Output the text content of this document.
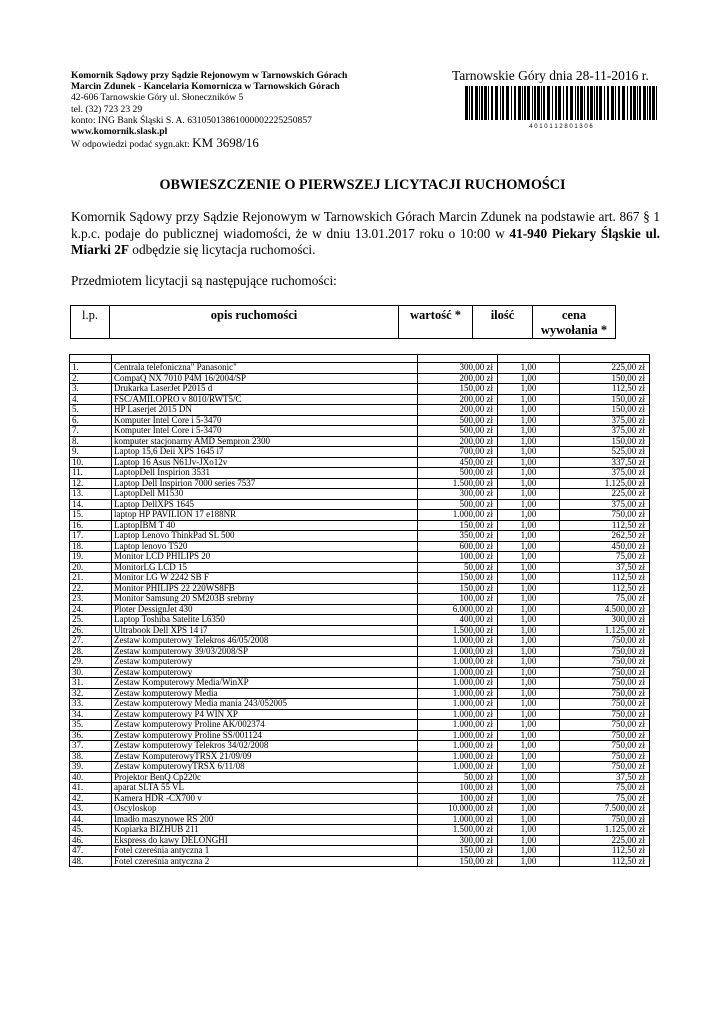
Komornik Sądowy przy Sądzie Rejonowym w Tarnowskich Górach
Marcin Zdunek - Kancelaria Komornicza w Tarnowskich Górach
42-606 Tarnowskie Góry ul. Słoneczników 5
tel. (32) 723 23 29
konto: ING Bank Śląski S. A. 63105013861000002225250857
www.komornik.slask.pl
W odpowiedzi podać sygn.akt: KM 3698/16
Tarnowskie Góry dnia 28-11-2016 r.
4 0 1 0 1 1 2 8 0 1 3 0 6
OBWIESZCZENIE O PIERWSZEJ LICYTACJI RUCHOMOŚCI
Komornik Sądowy przy Sądzie Rejonowym w Tarnowskich Górach Marcin Zdunek na podstawie art. 867 § 1 k.p.c. podaje do publicznej wiadomości, że w dniu 13.01.2017 roku o 10:00 w 41-940 Piekary Śląskie ul. Miarki 2F odbędzie się licytacja ruchomości.
Przedmiotem licytacji są następujące ruchomości:
l.p.	opis ruchomości	wartość *	ilość	cena
wywołania *

1.	Centrala telefoniczna" Panasonic"	300,00 zł	1,00	225,00 zł
2.	CompaQ NX 7010 P4M 16/2004/SP	200,00 zł	1,00	150,00 zł
3.	Drukarka LaserJet P2015 d	150,00 zł	1,00	112,50 zł
4.	FSC/AMILOPRO v 8010/RWT5/C	200,00 zł	1,00	150,00 zł
5.	HP Laserjet 2015 DN	200,00 zł	1,00	150,00 zł
6.	Komputer Intel Core i 5-3470	500,00 zł	1,00	375,00 zł
7.	Komputer Intel Core i 5-3470	500,00 zł	1,00	375,00 zł
8.	komputer stacjonarny AMD Sempron 2300	200,00 zł	1,00	150,00 zł
9.	Laptop 15,6 Deii XPS 1645 i7	700,00 zł	1,00	525,00 zł
10.	Laptop 16 Asus N61Jv-JXo12v	450,00 zł	1,00	337,50 zł
11.	LaptopDell Inspirion 3531	500,00 zł	1,00	375,00 zł
12.	Laptop Dell Inspirion 7000 series 7537	1.500,00 zł	1,00	1.125,00 zł
13.	LaptopDell M1530	300,00 zł	1,00	225,00 zł
14.	Laptop DellXPS 1645	500,00 zł	1,00	375,00 zł
15.	laptop HP PAVILION 17 e188NR	1.000,00 zł	1,00	750,00 zł
16.	LaptopIBM T 40	150,00 zł	1,00	112,50 zł
17.	Laptop Lenovo ThinkPad SL 500	350,00 zł	1,00	262,50 zł
18.	Laptop lenovo T520	600,00 zł	1,00	450,00 zł
19.	Monitor LCD PHILIPS 20	100,00 zł	1,00	75,00 zł
20.	MonitorLG LCD 15	50,00 zł	1,00	37,50 zł
21.	Monitor LG W 2242 SB F	150,00 zł	1,00	112,50 zł
22.	Monitor PHILIPS 22 220WS8FB	150,00 zł	1,00	112,50 zł
23.	Monitor Samsung 20 SM203B srebrny	100,00 zł	1,00	75,00 zł
24.	Ploter DessignJet 430	6.000,00 zł	1,00	4.500,00 zł
25.	Laptop Toshiba Satelite L6350	400,00 zł	1,00	300,00 zł
26.	Ultrabook Dell XPS 14 i7	1.500,00 zł	1,00	1.125,00 zł
27.	Zestaw komputerowy Telekros 46/05/2008	1.000,00 zł	1,00	750,00 zł
28.	Zestaw komputerowy 39/03/2008/SP	1.000,00 zł	1,00	750,00 zł
29.	Zestaw komputerowy	1.000,00 zł	1,00	750,00 zł
30.	Zestaw komputerowy	1.000,00 zł	1,00	750,00 zł
31.	Zestaw Komputerowy Media/WinXP	1.000,00 zł	1,00	750,00 zł
32.	Zestaw komputerowy Media	1.000,00 zł	1,00	750,00 zł
33.	Zestaw komputerowy Media mania 243/052005	1.000,00 zł	1,00	750,00 zł
34.	Zestaw komputerowy P4 WIN XP	1.000,00 zł	1,00	750,00 zł
35.	Zestaw komputerowy Proline AK/002374	1.000,00 zł	1,00	750,00 zł
36.	Zestaw komputerowy Proline SS/001124	1.000,00 zł	1,00	750,00 zł
37.	Zestaw komputerowy Telekros 34/02/2008	1.000,00 zł	1,00	750,00 zł
38.	Zestaw KomputerowyTRSX 21/09/09	1.000,00 zł	1,00	750,00 zł
39.	Zestaw komputerowyTRSX 6/11/08	1.000,00 zł	1,00	750,00 zł
40.	Projektor BenQ Cp220c	50,00 zł	1,00	37,50 zł
41.	aparat SLTA 55 VL	100,00 zł	1,00	75,00 zł
42.	Kamera HDR -CX700 v	100,00 zł	1,00	75,00 zł
43.	Oscyloskop	10.000,00 zł	1,00	7.500,00 zł
44.	Imadło maszynowe RS 200	1.000,00 zł	1,00	750,00 zł
45.	Kopiarka BIZHUB 211	1.500,00 zł	1,00	1.125,00 zł
46.	Ekspress do kawy DELONGHI	300,00 zł	1,00	225,00 zł
47.	Fotel czereśnia antyczna 1	150,00 zł	1,00	112,50 zł
48.	Fotel czereśnia antyczna 2	150,00 zł	1,00	112,50 zł
